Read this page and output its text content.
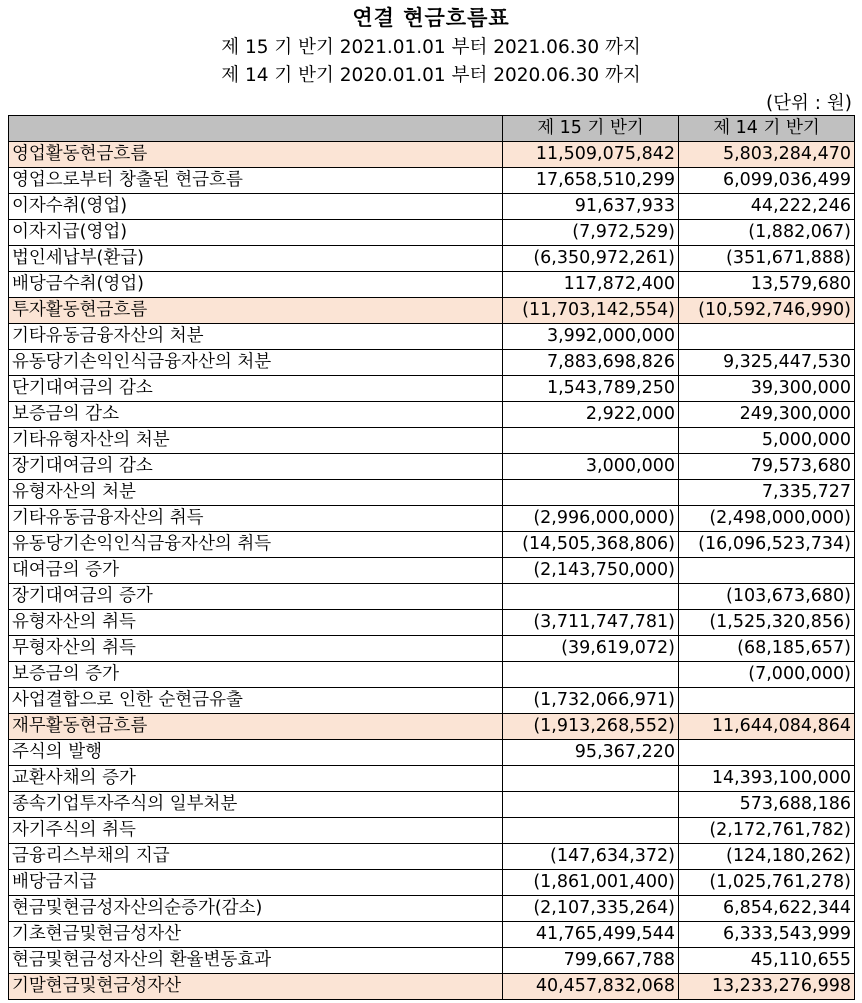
연결 현금흐름표
제 15 기 반기 2021.01.01 부터 2021.06.30 까지
제 14 기 반기 2020.01.01 부터 2020.06.30 까지
(단위 : 원)
	제 15 기 반기	제 14 기 반기
영업활동현금흐름	11,509,075,842	5,803,284,470
영업으로부터 창출된 현금흐름	17,658,510,299	6,099,036,499
이자수취(영업)	91,637,933	44,222,246
이자지급(영업)	(7,972,529)	(1,882,067)
법인세납부(환급)	(6,350,972,261)	(351,671,888)
배당금수취(영업)	117,872,400	13,579,680
투자활동현금흐름	(11,703,142,554)	(10,592,746,990)
기타유동금융자산의 처분	3,992,000,000	
유동당기손익인식금융자산의 처분	7,883,698,826	9,325,447,530
단기대여금의 감소	1,543,789,250	39,300,000
보증금의 감소	2,922,000	249,300,000
기타유형자산의 처분		5,000,000
장기대여금의 감소	3,000,000	79,573,680
유형자산의 처분		7,335,727
기타유동금융자산의 취득	(2,996,000,000)	(2,498,000,000)
유동당기손익인식금융자산의 취득	(14,505,368,806)	(16,096,523,734)
대여금의 증가	(2,143,750,000)	
장기대여금의 증가		(103,673,680)
유형자산의 취득	(3,711,747,781)	(1,525,320,856)
무형자산의 취득	(39,619,072)	(68,185,657)
보증금의 증가		(7,000,000)
사업결합으로 인한 순현금유출	(1,732,066,971)	
재무활동현금흐름	(1,913,268,552)	11,644,084,864
주식의 발행	95,367,220	
교환사채의 증가		14,393,100,000
종속기업투자주식의 일부처분		573,688,186
자기주식의 취득		(2,172,761,782)
금융리스부채의 지급	(147,634,372)	(124,180,262)
배당금지급	(1,861,001,400)	(1,025,761,278)
현금및현금성자산의순증가(감소)	(2,107,335,264)	6,854,622,344
기초현금및현금성자산	41,765,499,544	6,333,543,999
현금및현금성자산의 환율변동효과	799,667,788	45,110,655
기말현금및현금성자산	40,457,832,068	13,233,276,998
